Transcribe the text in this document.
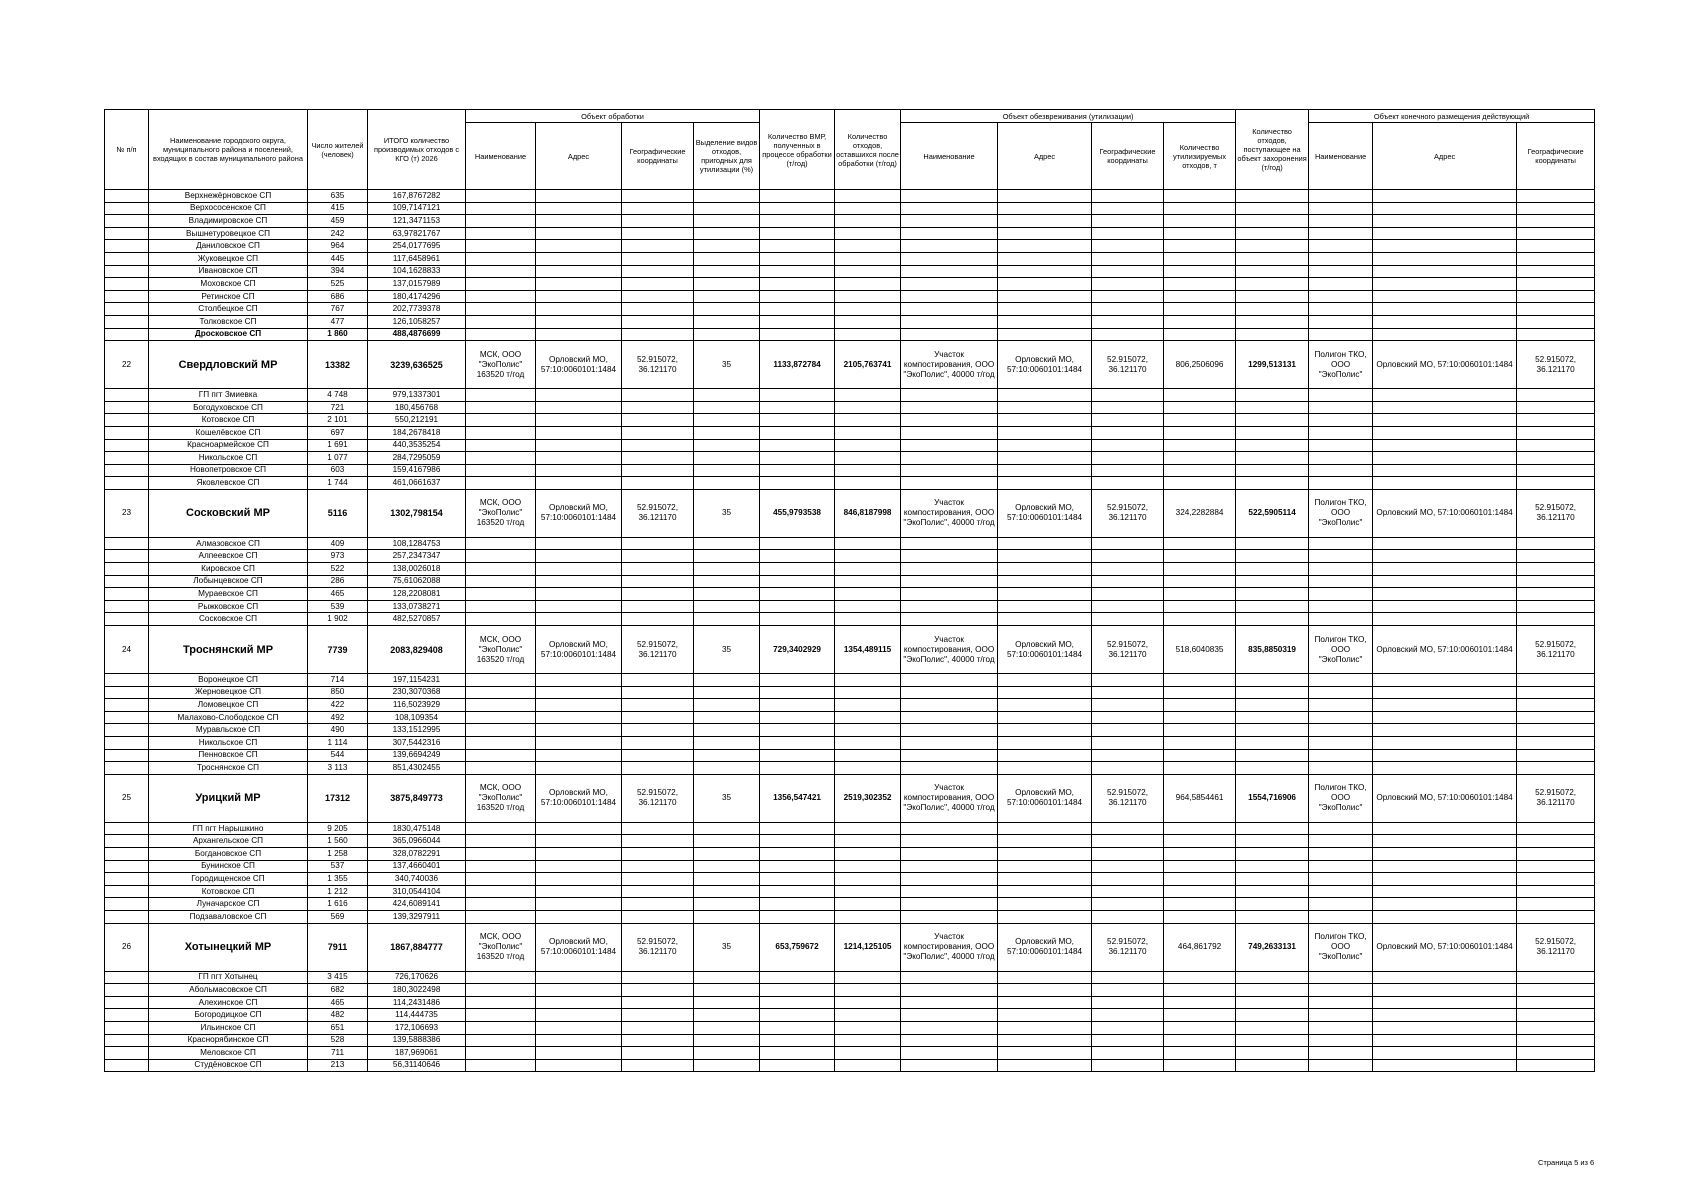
№ п/п	Наименование городского округа, муниципального района и поселений, входящих в состав муниципального района	Число жителей (человек)	ИТОГО количество производимых отходов с КГО (т) 2026	Объект обработки				Количество ВМР, полученных в процессе обработки (т/год)	Количество отходов, оставшихся после обработки (т/год)	Объект обезвреживания (утилизации)				Количество отходов, поступающее на объект захоронения (т/год)	Объект конечного размещения действующий		
				Наименование	Адрес	Географические координаты	Выделение видов отходов, пригодных для утилизации (%)			Наименование	Адрес	Географические координаты	Количество утилизируемых отходов, т		Наименование	Адрес	Географические координаты
	Верхнежёрновское СП	635	167,8767282														
	Верхососенское СП	415	109,7147121														
	Владимировское СП	459	121,3471153														
	Вышнетуровецкое СП	242	63,97821767														
	Даниловское СП	964	254,0177695														
	Жуковецкое СП	445	117,6458961														
	Ивановское СП	394	104,1628833														
	Моховское СП	525	137,0157989														
	Ретинское СП	686	180,4174296														
	Столбецкое СП	767	202,7739378														
	Толковское СП	477	126,1058257														
	Дросковское СП	1 860	488,4876699														
22	Свердловский МР	13382	3239,636525	МСК, ООО "ЭкоПолис" 163520 т/год	Орловский МО, 57:10:0060101:1484	52.915072, 36.121170	35	1133,872784	2105,763741	Участок компостирования, ООО "ЭкоПолис", 40000 т/год	Орловский МО, 57:10:0060101:1484	52.915072, 36.121170	806,2506096	1299,513131	Полигон ТКО, ООО "ЭкоПолис"	Орловский МО, 57:10:0060101:1484	52.915072, 36.121170
	ГП пгт Змиевка	4 748	979,1337301														
	Богодуховское СП	721	180,456768														
	Котовское СП	2 101	550,212191														
	Кошелёвское СП	697	184,2678418														
	Красноармейское СП	1 691	440,3535254														
	Никольское СП	1 077	284,7295059														
	Новопетровское СП	603	159,4167986														
	Яковлевское СП	1 744	461,0661637														
23	Сосковский МР	5116	1302,798154	МСК, ООО "ЭкоПолис" 163520 т/год	Орловский МО, 57:10:0060101:1484	52.915072, 36.121170	35	455,9793538	846,8187998	Участок компостирования, ООО "ЭкоПолис", 40000 т/год	Орловский МО, 57:10:0060101:1484	52.915072, 36.121170	324,2282884	522,5905114	Полигон ТКО, ООО "ЭкоПолис"	Орловский МО, 57:10:0060101:1484	52.915072, 36.121170
	Алмазовское СП	409	108,1284753														
	Алпеевское СП	973	257,2347347														
	Кировское СП	522	138,0026018														
	Лобынцевское СП	286	75,61062088														
	Мураевское СП	465	128,2208081														
	Рыжковское СП	539	133,0738271														
	Сосковское СП	1 902	482,5270857														
24	Троснянский МР	7739	2083,829408	МСК, ООО "ЭкоПолис" 163520 т/год	Орловский МО, 57:10:0060101:1484	52.915072, 36.121170	35	729,3402929	1354,489115	Участок компостирования, ООО "ЭкоПолис", 40000 т/год	Орловский МО, 57:10:0060101:1484	52.915072, 36.121170	518,6040835	835,8850319	Полигон ТКО, ООО "ЭкоПолис"	Орловский МО, 57:10:0060101:1484	52.915072, 36.121170
	Воронецкое СП	714	197,1154231														
	Жерновецкое СП	850	230,3070368														
	Ломовецкое СП	422	116,5023929														
	Малахово-Слободское СП	492	108,109354														
	Муравльское СП	490	133,1512995														
	Никольское СП	1 114	307,5442316														
	Пенновское СП	544	139,6694249														
	Троснянское СП	3 113	851,4302455														
25	Урицкий МР	17312	3875,849773	МСК, ООО "ЭкоПолис" 163520 т/год	Орловский МО, 57:10:0060101:1484	52.915072, 36.121170	35	1356,547421	2519,302352	Участок компостирования, ООО "ЭкоПолис", 40000 т/год	Орловский МО, 57:10:0060101:1484	52.915072, 36.121170	964,5854461	1554,716906	Полигон ТКО, ООО "ЭкоПолис"	Орловский МО, 57:10:0060101:1484	52.915072, 36.121170
	ГП пгт Нарышкино	9 205	1830,475148														
	Архангельское СП	1 560	365,0966044														
	Богдановское СП	1 258	328,0782291														
	Бунинское СП	537	137,4660401														
	Городищенское СП	1 355	340,740036														
	Котовское СП	1 212	310,0544104														
	Луначарское СП	1 616	424,6089141														
	Подзаваловское СП	569	139,3297911														
26	Хотынецкий МР	7911	1867,884777	МСК, ООО "ЭкоПолис" 163520 т/год	Орловский МО, 57:10:0060101:1484	52.915072, 36.121170	35	653,759672	1214,125105	Участок компостирования, ООО "ЭкоПолис", 40000 т/год	Орловский МО, 57:10:0060101:1484	52.915072, 36.121170	464,861792	749,2633131	Полигон ТКО, ООО "ЭкоПолис"	Орловский МО, 57:10:0060101:1484	52.915072, 36.121170
	ГП пгт Хотынец	3 415	726,170626														
	Абольмасовское СП	682	180,3022498														
	Алехинское СП	465	114,2431486														
	Богородицкое СП	482	114,444735														
	Ильинское СП	651	172,106693														
	Краснорябинское СП	528	139,5888386														
	Меловское СП	711	187,969061														
	Студёновское СП	213	56,31140646														
Страница 5 из 6
